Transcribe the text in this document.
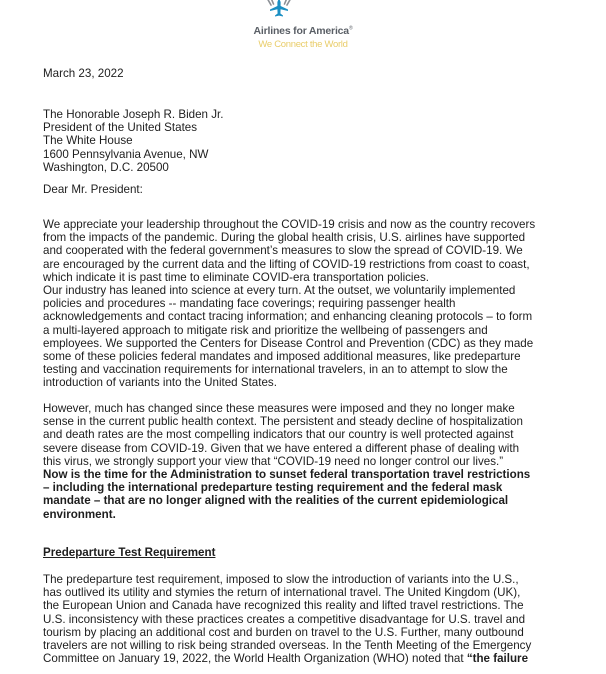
Airlines for America®
We Connect the World
March 23, 2022
The Honorable Joseph R. Biden Jr.
President of the United States
The White House
1600 Pennsylvania Avenue, NW
Washington, D.C. 20500
Dear Mr. President:
We appreciate your leadership throughout the COVID-19 crisis and now as the country recovers
from the impacts of the pandemic. During the global health crisis, U.S. airlines have supported
and cooperated with the federal government’s measures to slow the spread of COVID-19. We
are encouraged by the current data and the lifting of COVID-19 restrictions from coast to coast,
which indicate it is past time to eliminate COVID-era transportation policies.
Our industry has leaned into science at every turn. At the outset, we voluntarily implemented
policies and procedures -- mandating face coverings; requiring passenger health
acknowledgements and contact tracing information; and enhancing cleaning protocols – to form
a multi-layered approach to mitigate risk and prioritize the wellbeing of passengers and
employees. We supported the Centers for Disease Control and Prevention (CDC) as they made
some of these policies federal mandates and imposed additional measures, like predeparture
testing and vaccination requirements for international travelers, in an to attempt to slow the
introduction of variants into the United States.
However, much has changed since these measures were imposed and they no longer make
sense in the current public health context. The persistent and steady decline of hospitalization
and death rates are the most compelling indicators that our country is well protected against
severe disease from COVID-19. Given that we have entered a different phase of dealing with
this virus, we strongly support your view that “COVID-19 need no longer control our lives.”
Now is the time for the Administration to sunset federal transportation travel restrictions
– including the international predeparture testing requirement and the federal mask
mandate – that are no longer aligned with the realities of the current epidemiological
environment.
Predeparture Test Requirement
The predeparture test requirement, imposed to slow the introduction of variants into the U.S.,
has outlived its utility and stymies the return of international travel. The United Kingdom (UK),
the European Union and Canada have recognized this reality and lifted travel restrictions. The
U.S. inconsistency with these practices creates a competitive disadvantage for U.S. travel and
tourism by placing an additional cost and burden on travel to the U.S. Further, many outbound
travelers are not willing to risk being stranded overseas. In the Tenth Meeting of the Emergency
Committee on January 19, 2022, the World Health Organization (WHO) noted that “the failure
